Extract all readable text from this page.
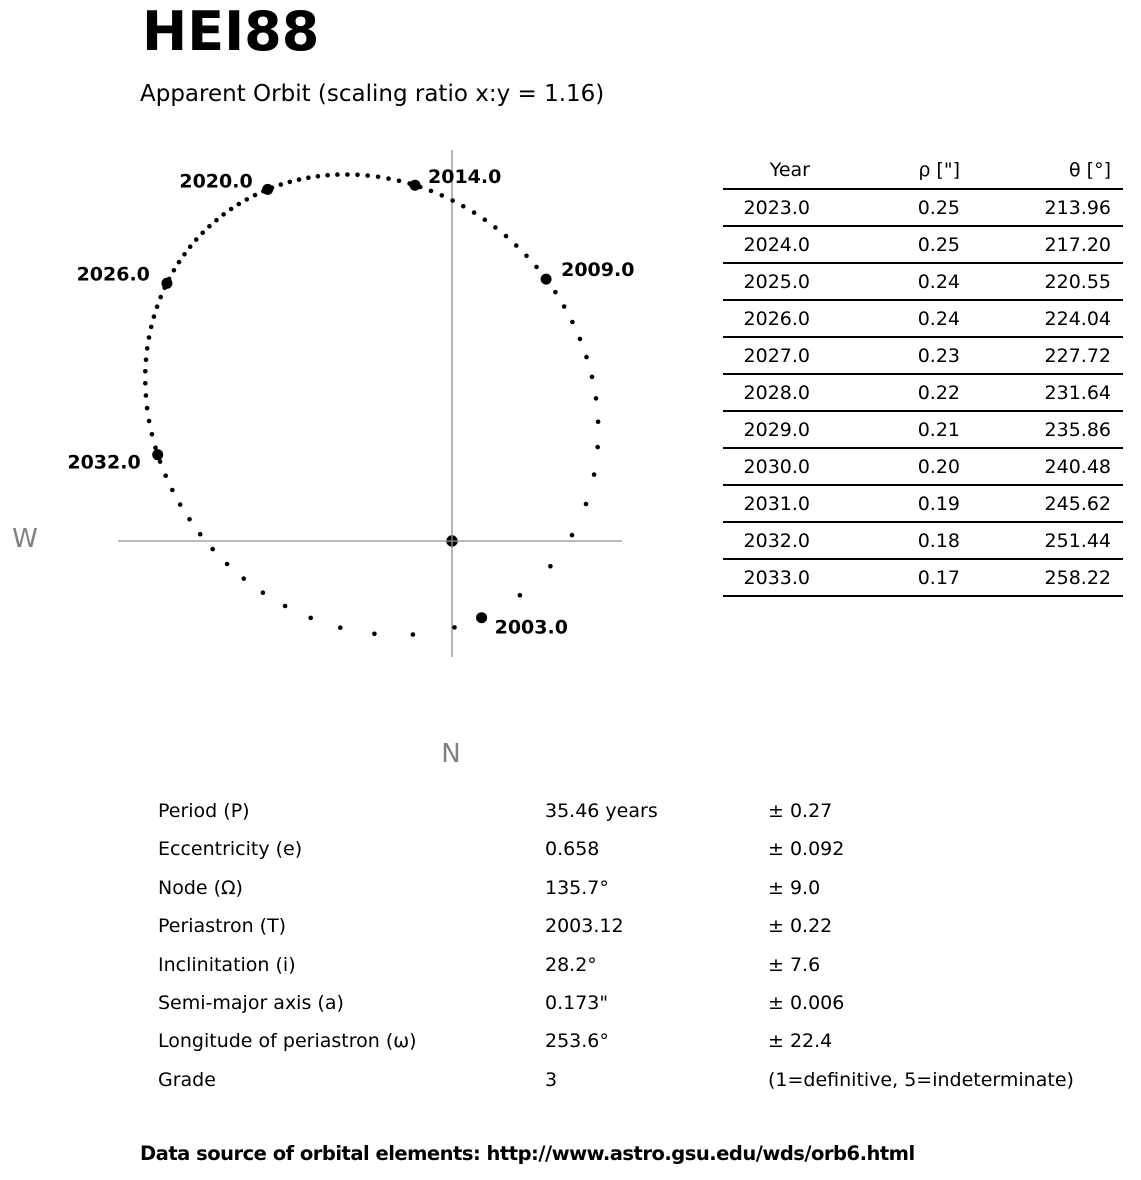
HEI88
Apparent Orbit (scaling ratio x:y = 1.16)
2003.0
2009.0
2014.0
2020.0
2026.0
2032.0
W
N
Year	ρ ["]	θ [°]
2023.0	0.25	213.96
2024.0	0.25	217.20
2025.0	0.24	220.55
2026.0	0.24	224.04
2027.0	0.23	227.72
2028.0	0.22	231.64
2029.0	0.21	235.86
2030.0	0.20	240.48
2031.0	0.19	245.62
2032.0	0.18	251.44
2033.0	0.17	258.22
Period (P)	35.46 years	± 0.27
Eccentricity (e)	0.658	± 0.092
Node (Ω)	135.7°	± 9.0
Periastron (T)	2003.12	± 0.22
Inclinitation (i)	28.2°	± 7.6
Semi-major axis (a)	0.173"	± 0.006
Longitude of periastron (ω)	253.6°	± 22.4
Grade	3	(1=definitive, 5=indeterminate)
Data source of orbital elements: http://www.astro.gsu.edu/wds/orb6.html
